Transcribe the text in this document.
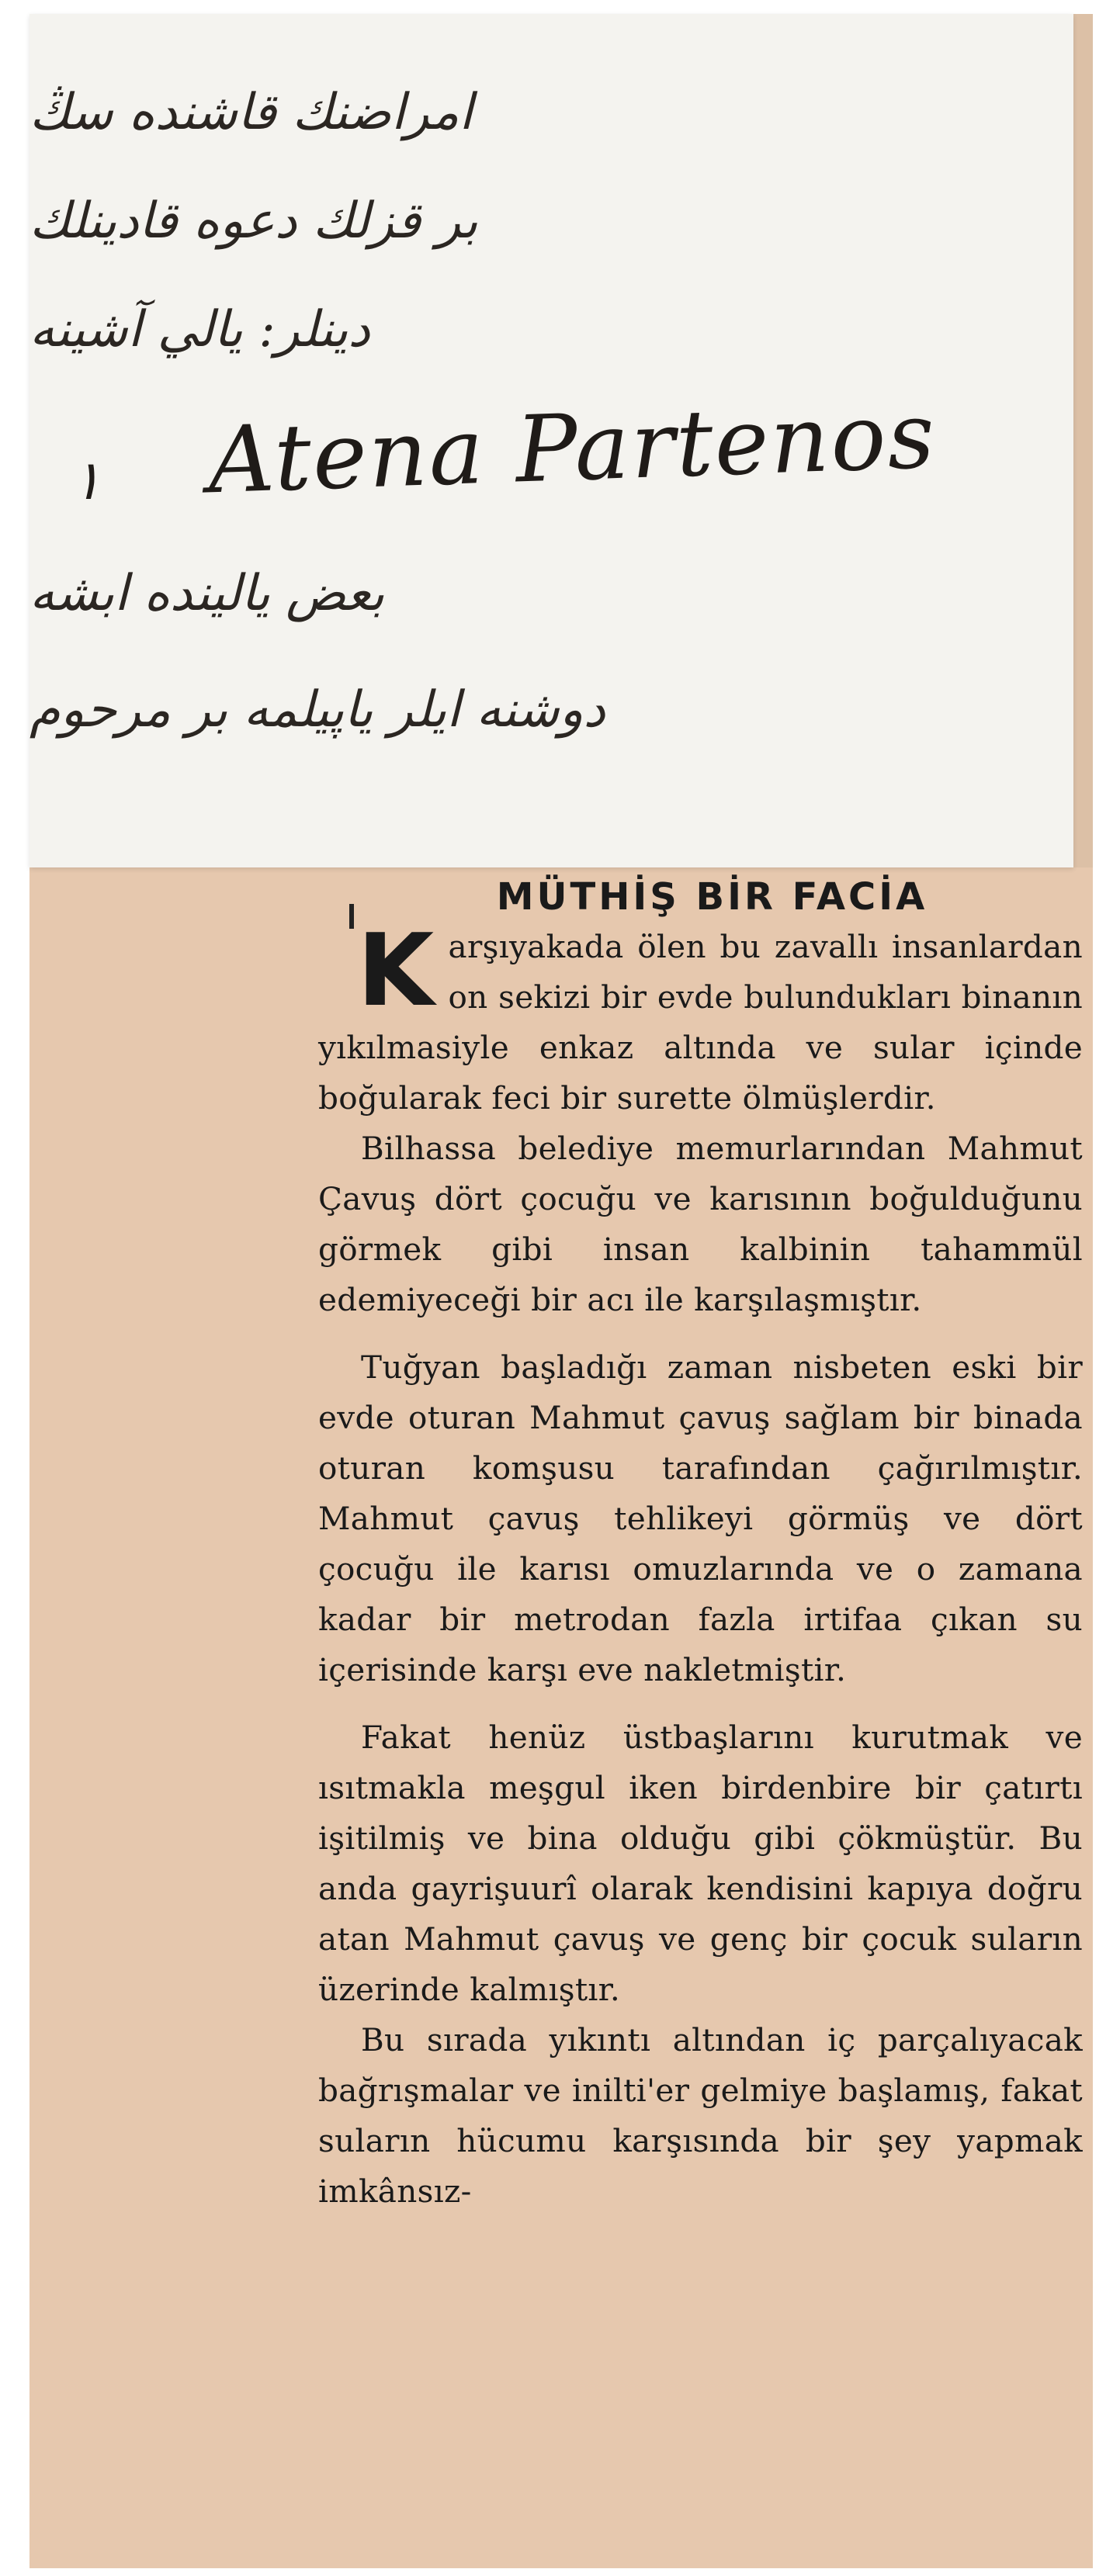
امراضنك قاشنده سڭ
بر قزلك دعوه قادينلك
دينلر: يالي آشينه
۱ Atena Partenos
بعض يالينده ابشه
دوشنه ايلر ياپيلمه بر مرحوم
MÜTHİŞ BİR FACİA

Karşıyakada ölen bu zavallı insanlardan on sekizi bir evde bulundukları binanın yıkılmasiyle enkaz altında ve sular içinde boğularak feci bir surette ölmüşlerdir.

Bilhassa belediye memurlarından Mahmut Çavuş dört çocuğu ve karısının boğulduğunu görmek gibi insan kalbinin tahammül edemiyeceği bir acı ile karşılaşmıştır.

Tuğyan başladığı zaman nisbeten eski bir evde oturan Mahmut çavuş sağlam bir binada oturan komşusu tarafından çağırılmıştır. Mahmut çavuş tehlikeyi görmüş ve dört çocuğu ile karısı omuzlarında ve o zamana kadar bir metrodan fazla irtifaa çıkan su içerisinde karşı eve nakletmiştir.

Fakat henüz üstbaşlarını kurutmak ve ısıtmakla meşgul iken birdenbire bir çatırtı işitilmiş ve bina olduğu gibi çökmüştür. Bu anda gayrişuurî olarak kendisini kapıya doğru atan Mahmut çavuş ve genç bir çocuk suların üzerinde kalmıştır.

Bu sırada yıkıntı altından iç parçalıyacak bağrışmalar ve inilti'er gelmiye başlamış, fakat suların hücumu karşısında bir şey yapmak imkânsız-
